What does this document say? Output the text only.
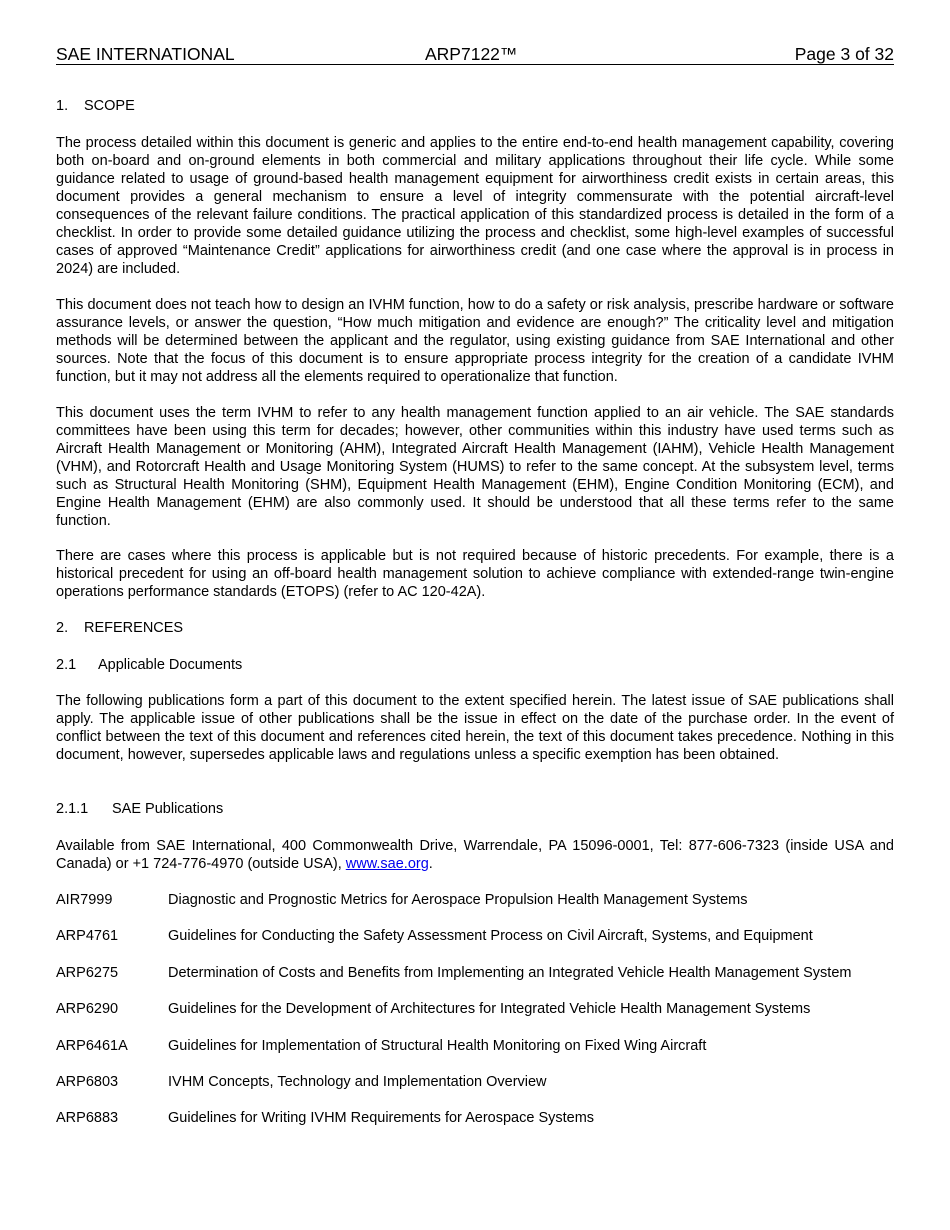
SAE INTERNATIONAL	ARP7122™	Page 3 of 32
1. SCOPE
The process detailed within this document is generic and applies to the entire end-to-end health management capability, covering both on-board and on-ground elements in both commercial and military applications throughout their life cycle. While some guidance related to usage of ground-based health management equipment for airworthiness credit exists in certain areas, this document provides a general mechanism to ensure a level of integrity commensurate with the potential aircraft-level consequences of the relevant failure conditions. The practical application of this standardized process is detailed in the form of a checklist. In order to provide some detailed guidance utilizing the process and checklist, some high-level examples of successful cases of approved “Maintenance Credit” applications for airworthiness credit (and one case where the approval is in process in 2024) are included.
This document does not teach how to design an IVHM function, how to do a safety or risk analysis, prescribe hardware or software assurance levels, or answer the question, “How much mitigation and evidence are enough?” The criticality level and mitigation methods will be determined between the applicant and the regulator, using existing guidance from SAE International and other sources. Note that the focus of this document is to ensure appropriate process integrity for the creation of a candidate IVHM function, but it may not address all the elements required to operationalize that function.
This document uses the term IVHM to refer to any health management function applied to an air vehicle. The SAE standards committees have been using this term for decades; however, other communities within this industry have used terms such as Aircraft Health Management or Monitoring (AHM), Integrated Aircraft Health Management (IAHM), Vehicle Health Management (VHM), and Rotorcraft Health and Usage Monitoring System (HUMS) to refer to the same concept. At the subsystem level, terms such as Structural Health Monitoring (SHM), Equipment Health Management (EHM), Engine Condition Monitoring (ECM), and Engine Health Management (EHM) are also commonly used. It should be understood that all these terms refer to the same function.
There are cases where this process is applicable but is not required because of historic precedents. For example, there is a historical precedent for using an off-board health management solution to achieve compliance with extended-range twin-engine operations performance standards (ETOPS) (refer to AC 120-42A).
2. REFERENCES
2.1 Applicable Documents
The following publications form a part of this document to the extent specified herein. The latest issue of SAE publications shall apply. The applicable issue of other publications shall be the issue in effect on the date of the purchase order. In the event of conflict between the text of this document and references cited herein, the text of this document takes precedence. Nothing in this document, however, supersedes applicable laws and regulations unless a specific exemption has been obtained.
2.1.1 SAE Publications
Available from SAE International, 400 Commonwealth Drive, Warrendale, PA 15096-0001, Tel: 877-606-7323 (inside USA and Canada) or +1 724-776-4970 (outside USA), www.sae.org.
AIR7999	Diagnostic and Prognostic Metrics for Aerospace Propulsion Health Management Systems
ARP4761	Guidelines for Conducting the Safety Assessment Process on Civil Aircraft, Systems, and Equipment
ARP6275	Determination of Costs and Benefits from Implementing an Integrated Vehicle Health Management System
ARP6290	Guidelines for the Development of Architectures for Integrated Vehicle Health Management Systems
ARP6461A	Guidelines for Implementation of Structural Health Monitoring on Fixed Wing Aircraft
ARP6803	IVHM Concepts, Technology and Implementation Overview
ARP6883	Guidelines for Writing IVHM Requirements for Aerospace Systems
